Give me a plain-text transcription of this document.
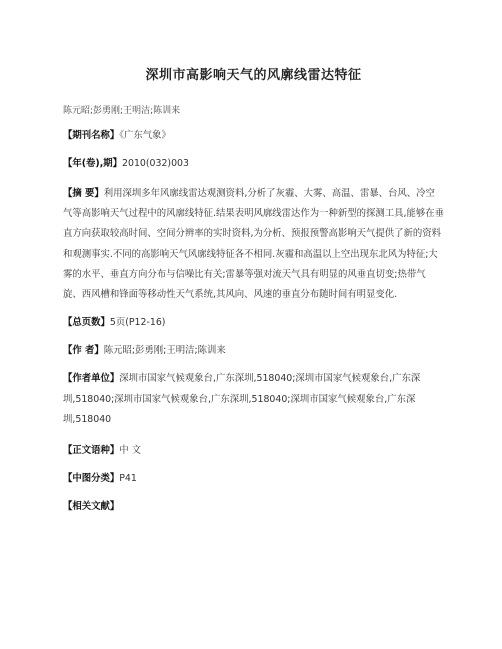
深圳市高影响天气的风廓线雷达特征
陈元昭;彭勇刚;王明洁;陈训来

【期刊名称】《广东气象》

【年(卷),期】2010(032)003

【摘 要】利用深圳多年风廓线雷达观测资料,分析了灰霾、大雾、高温、雷暴、台风、冷空气等高影响天气过程中的风廓线特征.结果表明风廓线雷达作为一种新型的探测工具,能够在垂直方向获取较高时间、空间分辨率的实时资料,为分析、预报预警高影响天气提供了新的资料和观测事实.不同的高影响天气风廓线特征各不相同.灰霾和高温以上空出现东北风为特征;大雾的水平、垂直方向分布与信噪比有关;雷暴等强对流天气具有明显的风垂直切变;热带气旋、西风槽和锋面等移动性天气系统,其风向、风速的垂直分布随时间有明显变化.

【总页数】5页(P12-16)

【作 者】陈元昭;彭勇刚;王明洁;陈训来

【作者单位】深圳市国家气候观象台,广东深圳,518040;深圳市国家气候观象台,广东深圳,518040;深圳市国家气候观象台,广东深圳,518040;深圳市国家气候观象台,广东深圳,518040

【正文语种】中 文

【中图分类】P41

【相关文献】
